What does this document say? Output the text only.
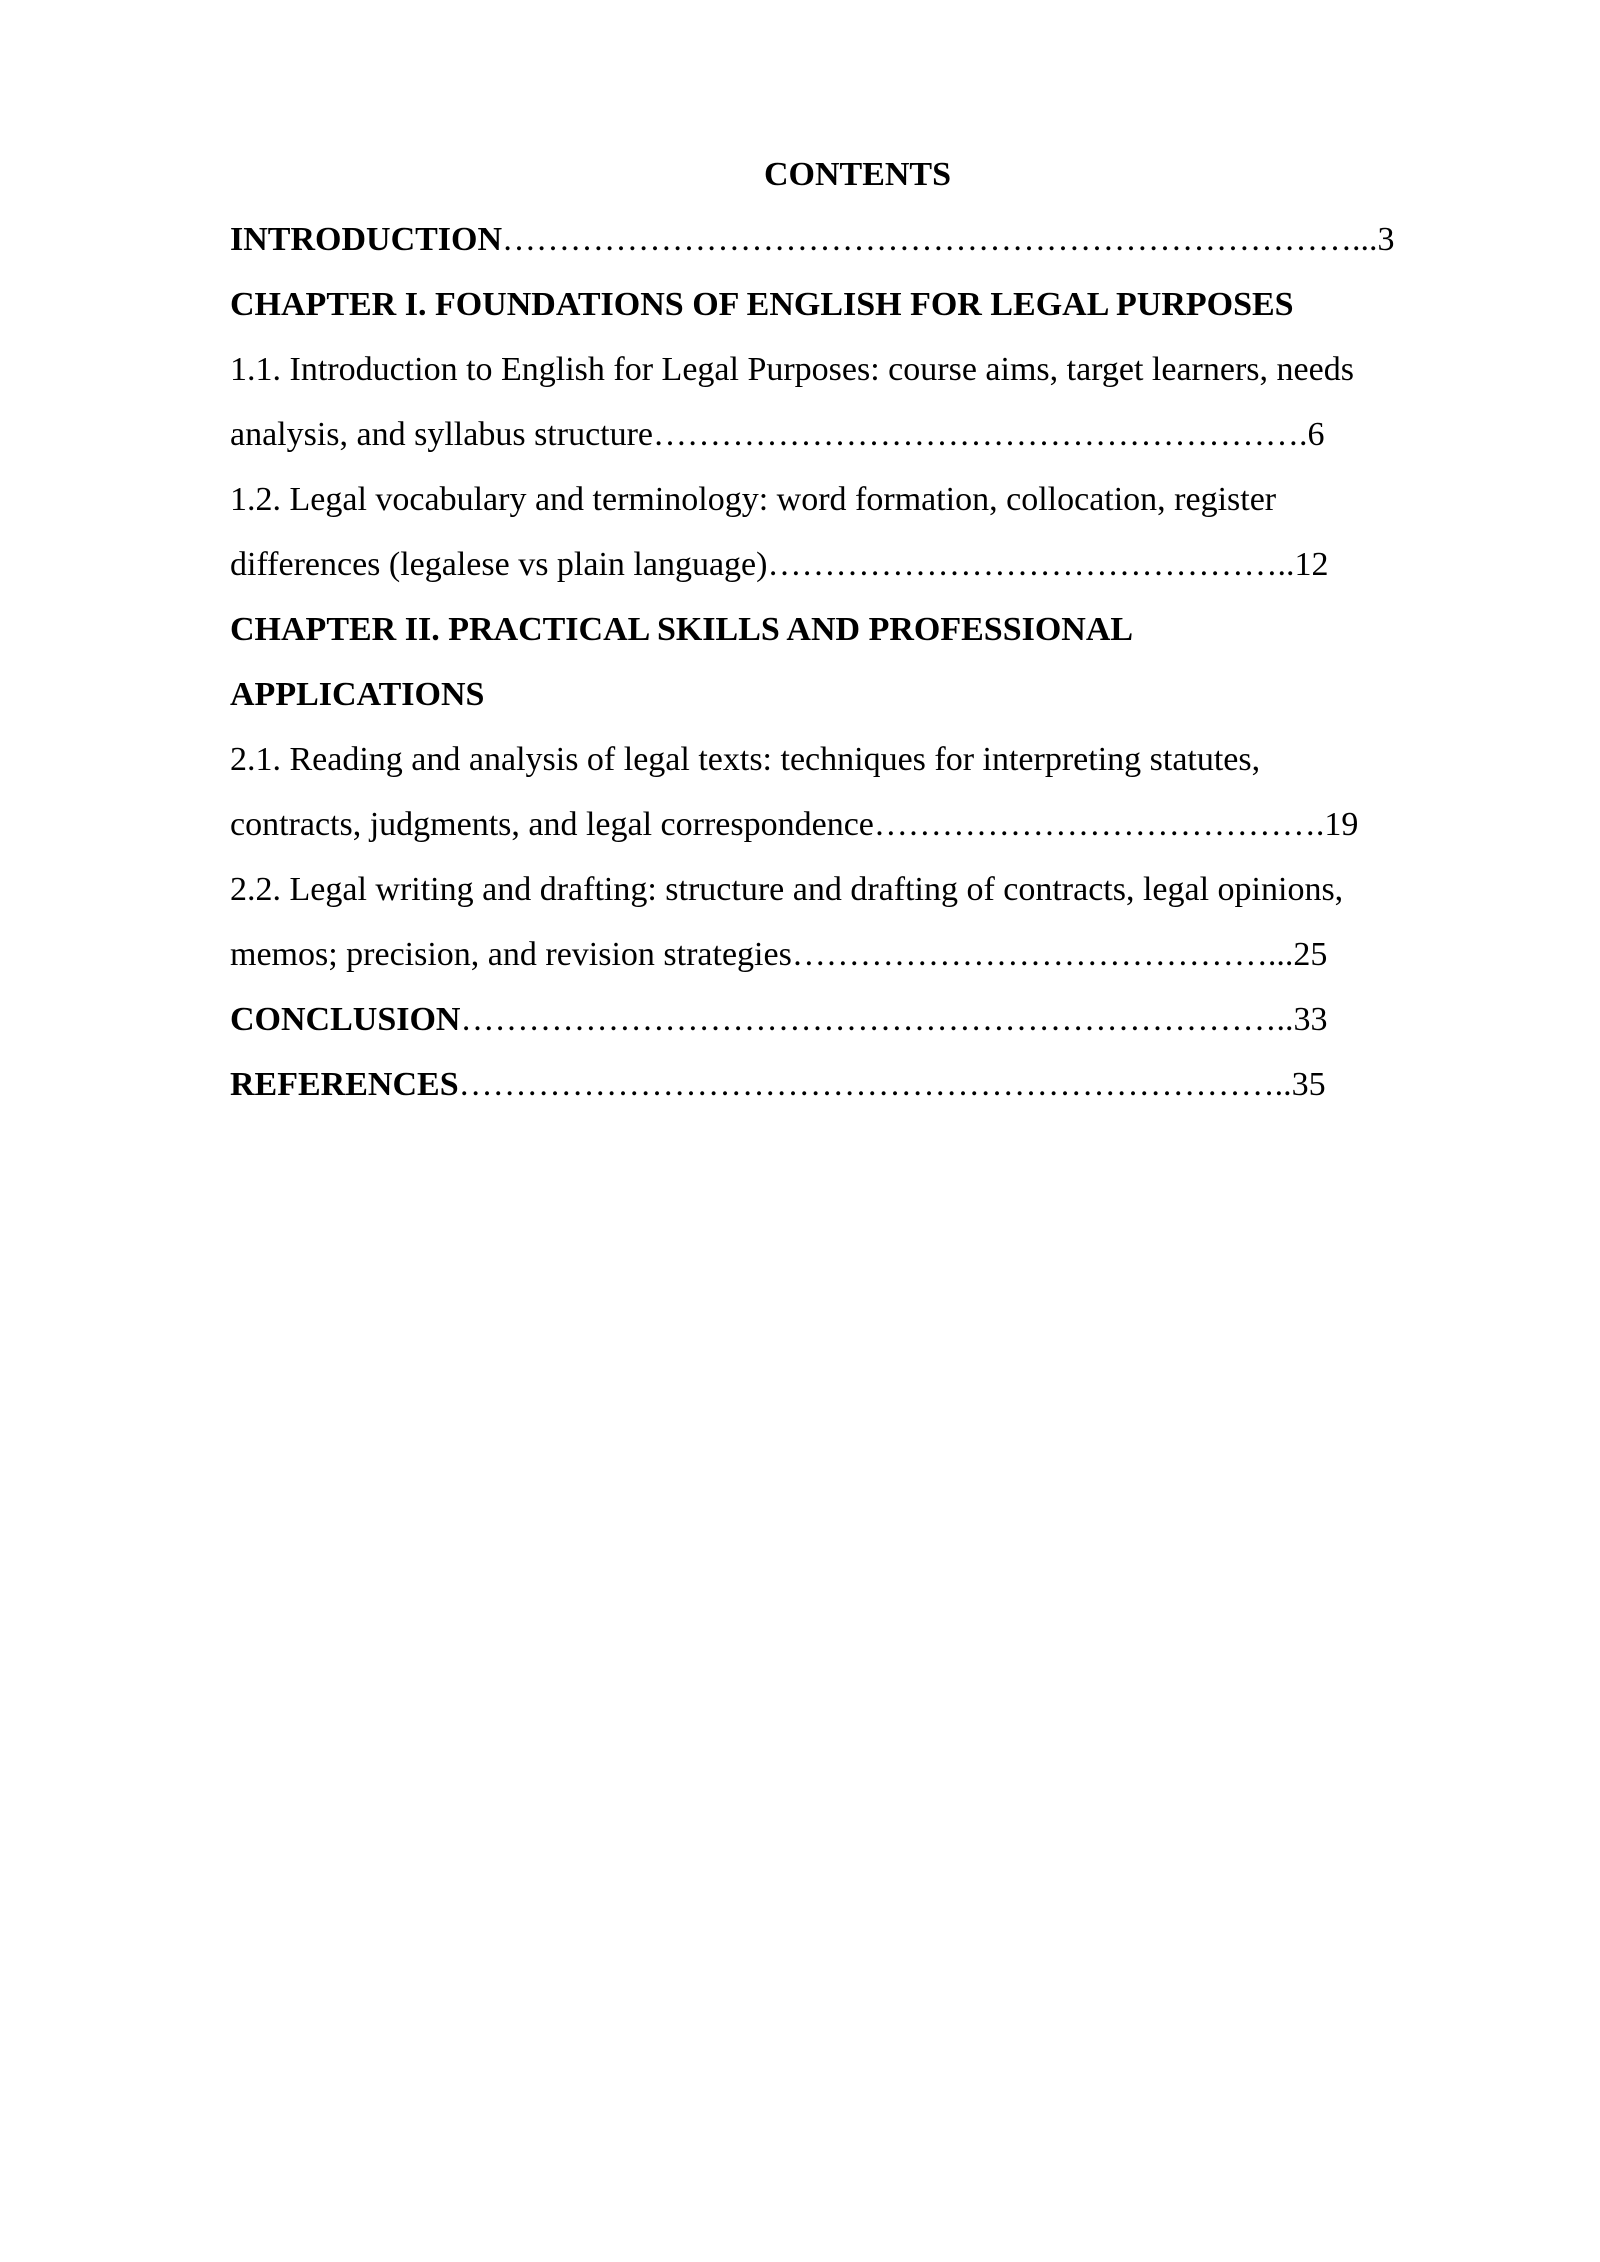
CONTENTS
INTRODUCTION…………………………………………………………………...3
CHAPTER I. FOUNDATIONS OF ENGLISH FOR LEGAL PURPOSES
1.1. Introduction to English for Legal Purposes: course aims, target learners, needs
analysis, and syllabus structure………………………………………………….6
1.2. Legal vocabulary and terminology: word formation, collocation, register
differences (legalese vs plain language)………………………………………..12
CHAPTER II. PRACTICAL SKILLS AND PROFESSIONAL
APPLICATIONS
2.1. Reading and analysis of legal texts: techniques for interpreting statutes,
contracts, judgments, and legal correspondence………………………………….19
2.2. Legal writing and drafting: structure and drafting of contracts, legal opinions,
memos; precision, and revision strategies……………………………………...25
CONCLUSION………………………………………………………………..33
REFERENCES………………………………………………………………..35
